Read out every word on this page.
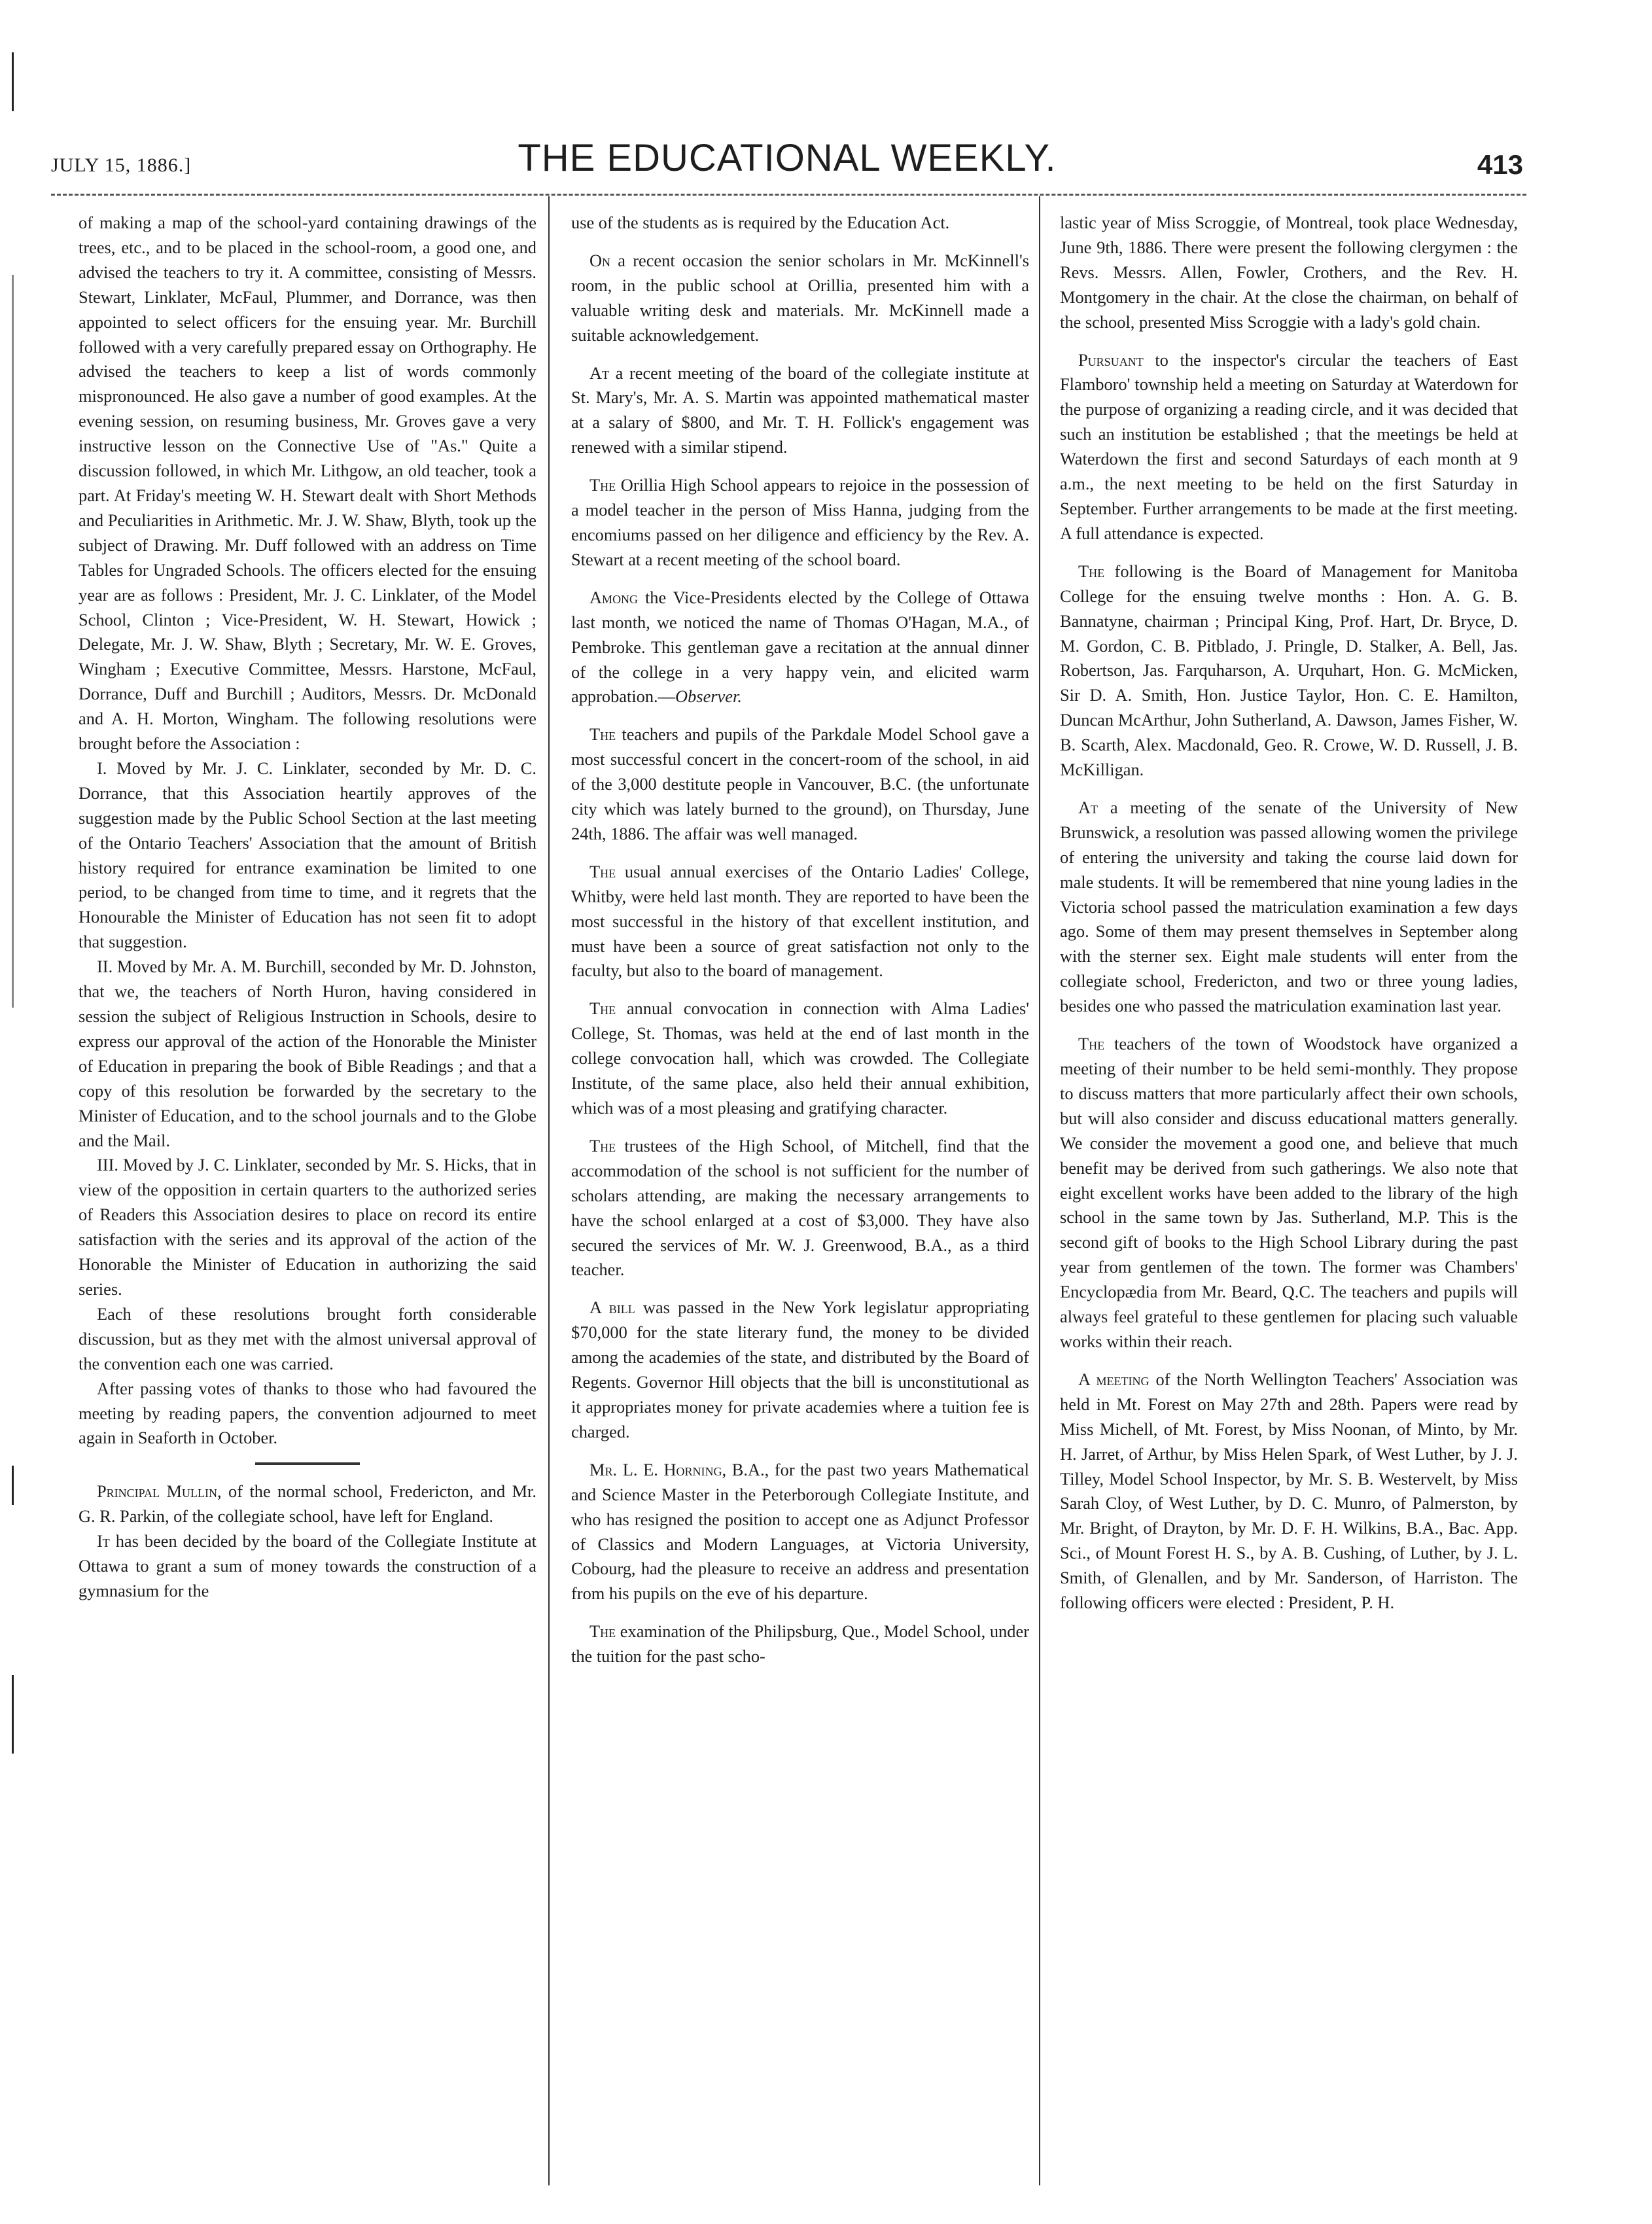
JULY 15, 1886.]	THE EDUCATIONAL WEEKLY.	413

of making a map of the school-yard containing drawings of the trees, etc., and to be placed in the school-room, a good one, and advised the teachers to try it. A committee, consisting of Messrs. Stewart, Linklater, McFaul, Plummer, and Dorrance, was then appointed to select officers for the ensuing year. Mr. Burchill followed with a very carefully prepared essay on Orthography. He advised the teachers to keep a list of words commonly mispronounced. He also gave a number of good examples. At the evening session, on resuming business, Mr. Groves gave a very instructive lesson on the Connective Use of "As." Quite a discussion followed, in which Mr. Lithgow, an old teacher, took a part. At Friday's meeting W. H. Stewart dealt with Short Methods and Peculiarities in Arithmetic. Mr. J. W. Shaw, Blyth, took up the subject of Drawing. Mr. Duff followed with an address on Time Tables for Ungraded Schools. The officers elected for the ensuing year are as follows : President, Mr. J. C. Linklater, of the Model School, Clinton ; Vice-President, W. H. Stewart, Howick ; Delegate, Mr. J. W. Shaw, Blyth ; Secretary, Mr. W. E. Groves, Wingham ; Executive Committee, Messrs. Harstone, McFaul, Dorrance, Duff and Burchill ; Auditors, Messrs. Dr. McDonald and A. H. Morton, Wingham. The following resolutions were brought before the Association :

I. Moved by Mr. J. C. Linklater, seconded by Mr. D. C. Dorrance, that this Association heartily approves of the suggestion made by the Public School Section at the last meeting of the Ontario Teachers' Association that the amount of British history required for entrance examination be limited to one period, to be changed from time to time, and it regrets that the Honourable the Minister of Education has not seen fit to adopt that suggestion.

II. Moved by Mr. A. M. Burchill, seconded by Mr. D. Johnston, that we, the teachers of North Huron, having considered in session the subject of Religious Instruction in Schools, desire to express our approval of the action of the Honorable the Minister of Education in preparing the book of Bible Readings ; and that a copy of this resolution be forwarded by the secretary to the Minister of Education, and to the school journals and to the Globe and the Mail.

III. Moved by J. C. Linklater, seconded by Mr. S. Hicks, that in view of the opposition in certain quarters to the authorized series of Readers this Association desires to place on record its entire satisfaction with the series and its approval of the action of the Honorable the Minister of Education in authorizing the said series.

Each of these resolutions brought forth considerable discussion, but as they met with the almost universal approval of the convention each one was carried.

After passing votes of thanks to those who had favoured the meeting by reading papers, the convention adjourned to meet again in Seaforth in October.

Principal Mullin, of the normal school, Fredericton, and Mr. G. R. Parkin, of the collegiate school, have left for England.

It has been decided by the board of the Collegiate Institute at Ottawa to grant a sum of money towards the construction of a gymnasium for the

use of the students as is required by the Education Act.

On a recent occasion the senior scholars in Mr. McKinnell's room, in the public school at Orillia, presented him with a valuable writing desk and materials. Mr. McKinnell made a suitable acknowledgement.

At a recent meeting of the board of the collegiate institute at St. Mary's, Mr. A. S. Martin was appointed mathematical master at a salary of $800, and Mr. T. H. Follick's engagement was renewed with a similar stipend.

The Orillia High School appears to rejoice in the possession of a model teacher in the person of Miss Hanna, judging from the encomiums passed on her diligence and efficiency by the Rev. A. Stewart at a recent meeting of the school board.

Among the Vice-Presidents elected by the College of Ottawa last month, we noticed the name of Thomas O'Hagan, M.A., of Pembroke. This gentleman gave a recitation at the annual dinner of the college in a very happy vein, and elicited warm approbation.—Observer.

The teachers and pupils of the Parkdale Model School gave a most successful concert in the concert-room of the school, in aid of the 3,000 destitute people in Vancouver, B.C. (the unfortunate city which was lately burned to the ground), on Thursday, June 24th, 1886. The affair was well managed.

The usual annual exercises of the Ontario Ladies' College, Whitby, were held last month. They are reported to have been the most successful in the history of that excellent institution, and must have been a source of great satisfaction not only to the faculty, but also to the board of management.

The annual convocation in connection with Alma Ladies' College, St. Thomas, was held at the end of last month in the college convocation hall, which was crowded. The Collegiate Institute, of the same place, also held their annual exhibition, which was of a most pleasing and gratifying character.

The trustees of the High School, of Mitchell, find that the accommodation of the school is not sufficient for the number of scholars attending, are making the necessary arrangements to have the school enlarged at a cost of $3,000. They have also secured the services of Mr. W. J. Greenwood, B.A., as a third teacher.

A bill was passed in the New York legislatur appropriating $70,000 for the state literary fund, the money to be divided among the academies of the state, and distributed by the Board of Regents. Governor Hill objects that the bill is unconstitutional as it appropriates money for private academies where a tuition fee is charged.

Mr. L. E. Horning, B.A., for the past two years Mathematical and Science Master in the Peterborough Collegiate Institute, and who has resigned the position to accept one as Adjunct Professor of Classics and Modern Languages, at Victoria University, Cobourg, had the pleasure to receive an address and presentation from his pupils on the eve of his departure.

The examination of the Philipsburg, Que., Model School, under the tuition for the past scho-

lastic year of Miss Scroggie, of Montreal, took place Wednesday, June 9th, 1886. There were present the following clergymen : the Revs. Messrs. Allen, Fowler, Crothers, and the Rev. H. Montgomery in the chair. At the close the chairman, on behalf of the school, presented Miss Scroggie with a lady's gold chain.

Pursuant to the inspector's circular the teachers of East Flamboro' township held a meeting on Saturday at Waterdown for the purpose of organizing a reading circle, and it was decided that such an institution be established ; that the meetings be held at Waterdown the first and second Saturdays of each month at 9 a.m., the next meeting to be held on the first Saturday in September. Further arrangements to be made at the first meeting. A full attendance is expected.

The following is the Board of Management for Manitoba College for the ensuing twelve months : Hon. A. G. B. Bannatyne, chairman ; Principal King, Prof. Hart, Dr. Bryce, D. M. Gordon, C. B. Pitblado, J. Pringle, D. Stalker, A. Bell, Jas. Robertson, Jas. Farquharson, A. Urquhart, Hon. G. McMicken, Sir D. A. Smith, Hon. Justice Taylor, Hon. C. E. Hamilton, Duncan McArthur, John Sutherland, A. Dawson, James Fisher, W. B. Scarth, Alex. Macdonald, Geo. R. Crowe, W. D. Russell, J. B. McKilligan.

At a meeting of the senate of the University of New Brunswick, a resolution was passed allowing women the privilege of entering the university and taking the course laid down for male students. It will be remembered that nine young ladies in the Victoria school passed the matriculation examination a few days ago. Some of them may present themselves in September along with the sterner sex. Eight male students will enter from the collegiate school, Fredericton, and two or three young ladies, besides one who passed the matriculation examination last year.

The teachers of the town of Woodstock have organized a meeting of their number to be held semi-monthly. They propose to discuss matters that more particularly affect their own schools, but will also consider and discuss educational matters generally. We consider the movement a good one, and believe that much benefit may be derived from such gatherings. We also note that eight excellent works have been added to the library of the high school in the same town by Jas. Sutherland, M.P. This is the second gift of books to the High School Library during the past year from gentlemen of the town. The former was Chambers' Encyclopædia from Mr. Beard, Q.C. The teachers and pupils will always feel grateful to these gentlemen for placing such valuable works within their reach.

A meeting of the North Wellington Teachers' Association was held in Mt. Forest on May 27th and 28th. Papers were read by Miss Michell, of Mt. Forest, by Miss Noonan, of Minto, by Mr. H. Jarret, of Arthur, by Miss Helen Spark, of West Luther, by J. J. Tilley, Model School Inspector, by Mr. S. B. Westervelt, by Miss Sarah Cloy, of West Luther, by D. C. Munro, of Palmerston, by Mr. Bright, of Drayton, by Mr. D. F. H. Wilkins, B.A., Bac. App. Sci., of Mount Forest H. S., by A. B. Cushing, of Luther, by J. L. Smith, of Glenallen, and by Mr. Sanderson, of Harriston. The following officers were elected : President, P. H.
